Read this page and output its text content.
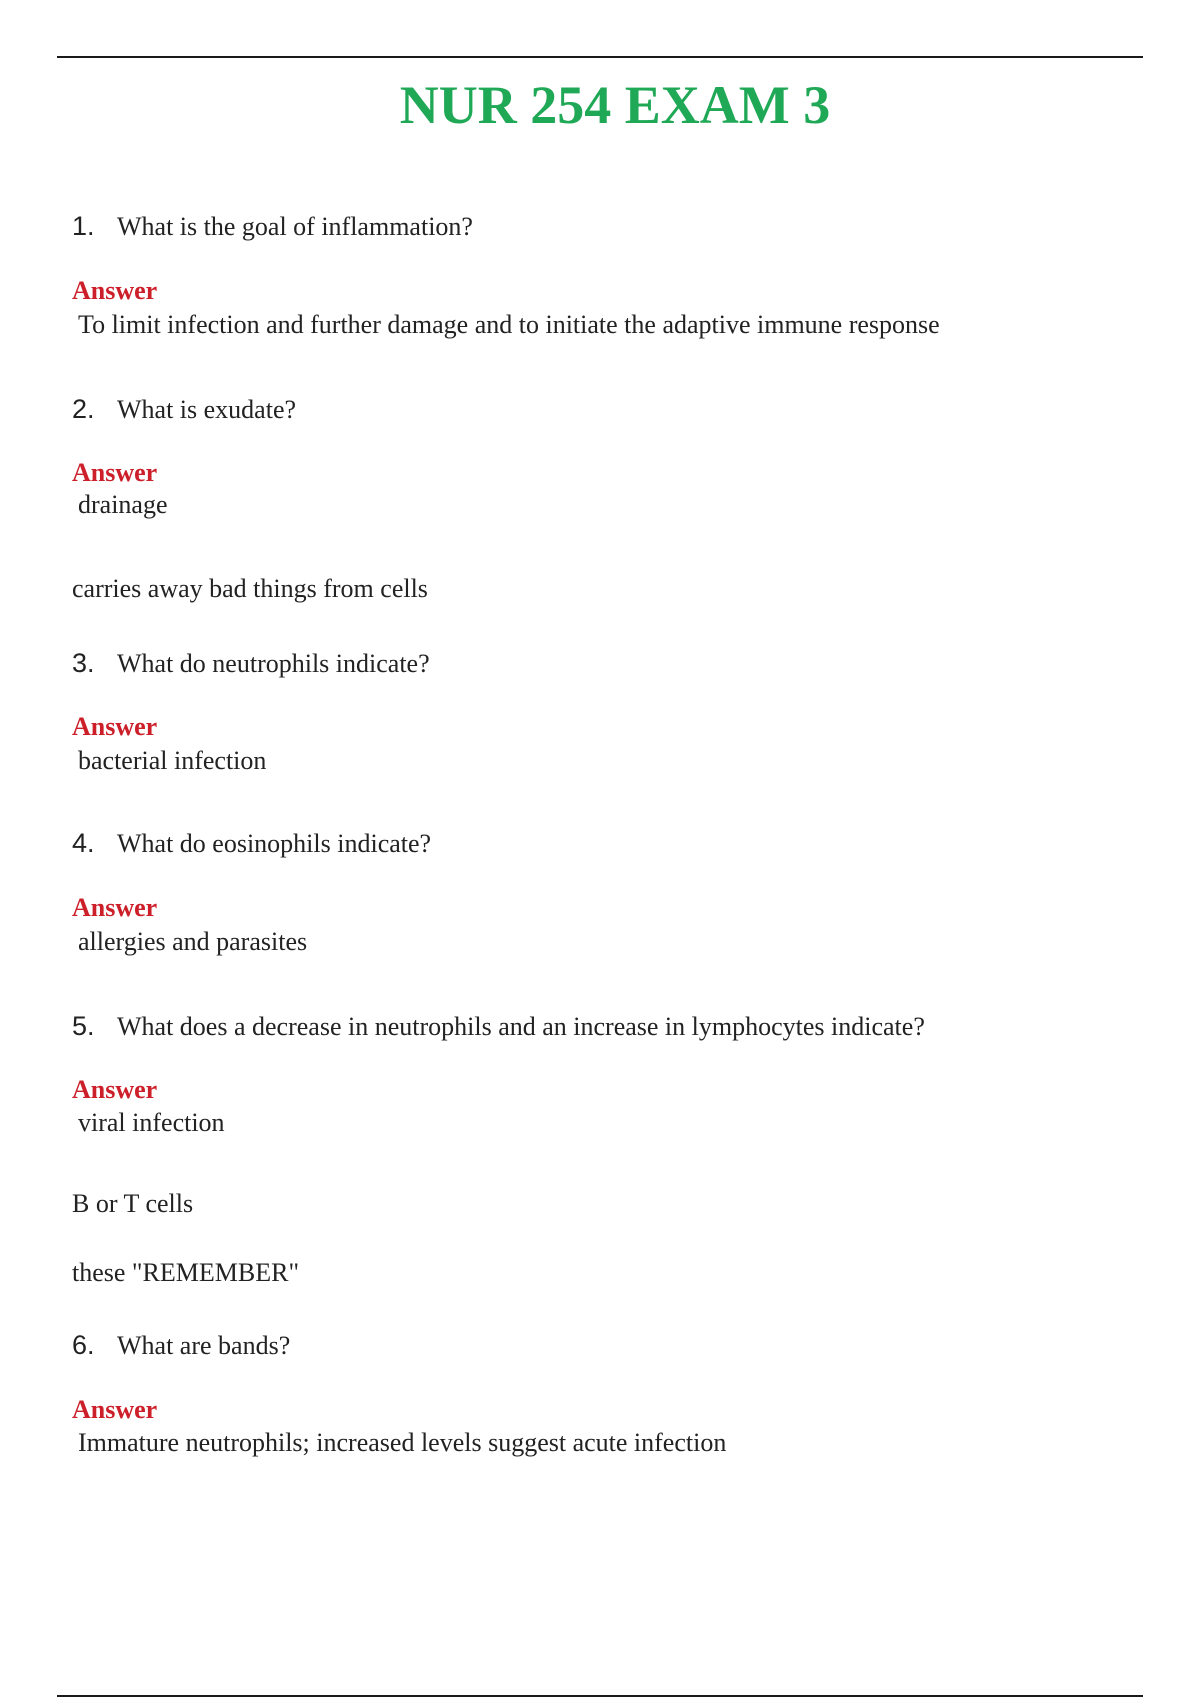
NUR 254 EXAM 3
1. What is the goal of inflammation?
Answer
To limit infection and further damage and to initiate the adaptive immune response
2. What is exudate?
Answer
drainage
carries away bad things from cells
3. What do neutrophils indicate?
Answer
bacterial infection
4. What do eosinophils indicate?
Answer
allergies and parasites
5. What does a decrease in neutrophils and an increase in lymphocytes indicate?
Answer
viral infection
B or T cells
these "REMEMBER"
6. What are bands?
Answer
Immature neutrophils; increased levels suggest acute infection
